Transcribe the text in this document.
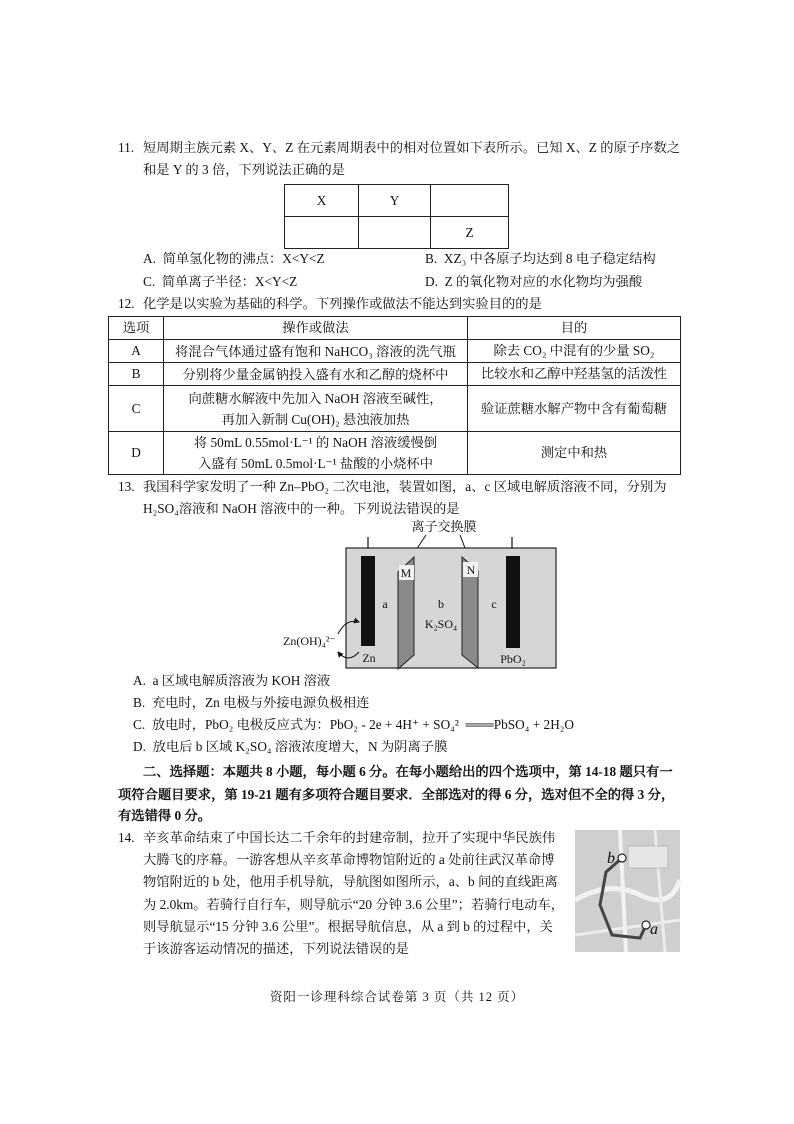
11. 短周期主族元素 X、Y、Z 在元素周期表中的相对位置如下表所示。已知 X、Z 的原子序数之
和是 Y 的 3 倍，下列说法正确的是
X	Y	
		Z
A.  简单氢化物的沸点：X<Y<Z	B.  XZ₃ 中各原子均达到 8 电子稳定结构
C.  简单离子半径：X<Y<Z	D.  Z 的氧化物对应的水化物均为强酸
12. 化学是以实验为基础的科学。下列操作或做法不能达到实验目的的是
选项	操作或做法	目的
A	将混合气体通过盛有饱和 NaHCO₃ 溶液的洗气瓶	除去 CO₂ 中混有的少量 SO₂
B	分别将少量金属钠投入盛有水和乙醇的烧杯中	比较水和乙醇中羟基氢的活泼性
C	向蔗糖水解液中先加入 NaOH 溶液至碱性，
再加入新制 Cu(OH)₂ 悬浊液加热	验证蔗糖水解产物中含有葡萄糖
D	将 50mL 0.55mol·L⁻¹ 的 NaOH 溶液缓慢倒
入盛有 50mL 0.5mol·L⁻¹ 盐酸的小烧杯中	测定中和热
13. 我国科学家发明了一种 Zn–PbO₂ 二次电池，装置如图，a、c 区域电解质溶液不同，分别为
H₂SO₄溶液和 NaOH 溶液中的一种。下列说法错误的是
离子交换膜
M	N
a	b
K₂SO₄
c
Zn	PbO₂
Zn(OH)₄²⁻
A.  a 区域电解质溶液为 KOH 溶液
B.  充电时，Zn 电极与外接电源负极相连
C.  放电时，PbO₂ 电极反应式为：PbO₂ - 2e + 4H⁺ + SO₄²  ═══PbSO₄ + 2H₂O
D.  放电后 b 区域 K₂SO₄ 溶液浓度增大，N 为阴离子膜
二、选择题：本题共 8 小题，每小题 6 分。在每小题给出的四个选项中，第 14-18 题只有一
项符合题目要求，第 19-21 题有多项符合题目要求．全部选对的得 6 分，选对但不全的得 3 分，
有选错得 0 分。
14. 辛亥革命结束了中国长达二千余年的封建帝制，拉开了实现中华民族伟
大腾飞的序幕。一游客想从辛亥革命博物馆附近的 a 处前往武汉革命博
物馆附近的 b 处，他用手机导航，导航图如图所示，a、b 间的直线距离
为 2.0km。若骑行自行车，则导航示“20 分钟 3.6 公里”；若骑行电动车，
则导航显示“15 分钟 3.6 公里”。根据导航信息，从 a 到 b 的过程中，关
于该游客运动情况的描述，下列说法错误的是
b
a
资阳一诊理科综合试卷第 3 页（共 12 页）
